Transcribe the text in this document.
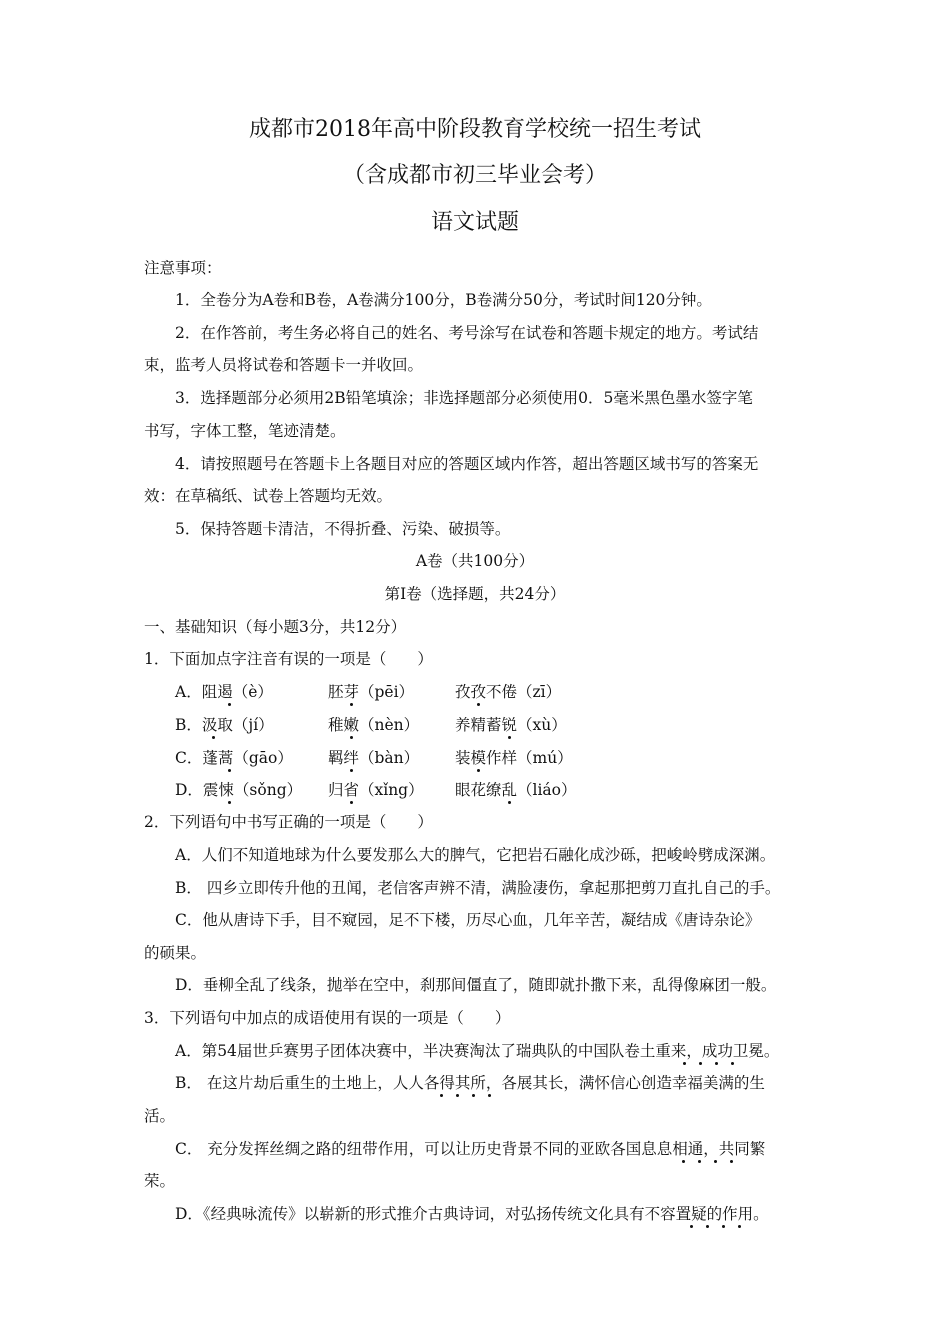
成都市2018年高中阶段教育学校统一招生考试
（含成都市初三毕业会考）
语文试题
注意事项：
1．全卷分为A卷和B卷，A卷满分100分，B卷满分50分，考试时间120分钟。
2．在作答前，考生务必将自己的姓名、考号涂写在试卷和答题卡规定的地方。考试结
束，监考人员将试卷和答题卡一并收回。
3．选择题部分必须用2B铅笔填涂；非选择题部分必须使用0．5毫米黑色墨水签字笔
书写，字体工整，笔迹清楚。
4．请按照题号在答题卡上各题目对应的答题区域内作答，超出答题区域书写的答案无
效：在草稿纸、试卷上答题均无效。
5．保持答题卡清洁，不得折叠、污染、破损等。
A卷（共100分）
第Ⅰ卷（选择题，共24分）
一、基础知识（每小题3分，共12分）
1．下面加点字注音有误的一项是（　　）
A．阻遏（è）	胚芽（pēi）	孜孜不倦（zī）
B．汲取（jí）	稚嫩（nèn） 养精蓄锐（xù）
C．蓬蒿（gāo） 羁绊（bàn） 装模作样（mú）
D．震悚（sǒng） 归省（xǐng） 眼花缭乱（liáo）
2．下列语句中书写正确的一项是（　　）
A．人们不知道地球为什么要发那么大的脾气，它把岩石融化成沙砾，把峻岭劈成深渊。
B． 四乡立即传升他的丑闻，老信客声辨不清，满脸凄伤，拿起那把剪刀直扎自己的手。
C．他从唐诗下手，目不窥园，足不下楼，历尽心血，几年辛苦，凝结成《唐诗杂论》
的硕果。
D．垂柳全乱了线条，抛举在空中，刹那间僵直了，随即就扑撒下来，乱得像麻团一般。
3．下列语句中加点的成语使用有误的一项是（　　）
A．第54届世乒赛男子团体决赛中，半决赛淘汰了瑞典队的中国队卷土重来，成功卫冕。
B． 在这片劫后重生的土地上，人人各得其所，各展其长，满怀信心创造幸福美满的生
活。
C． 充分发挥丝绸之路的纽带作用，可以让历史背景不同的亚欧各国息息相通，共同繁
荣。
D．《经典咏流传》以崭新的形式推介古典诗词，对弘扬传统文化具有不容置疑的作用。
